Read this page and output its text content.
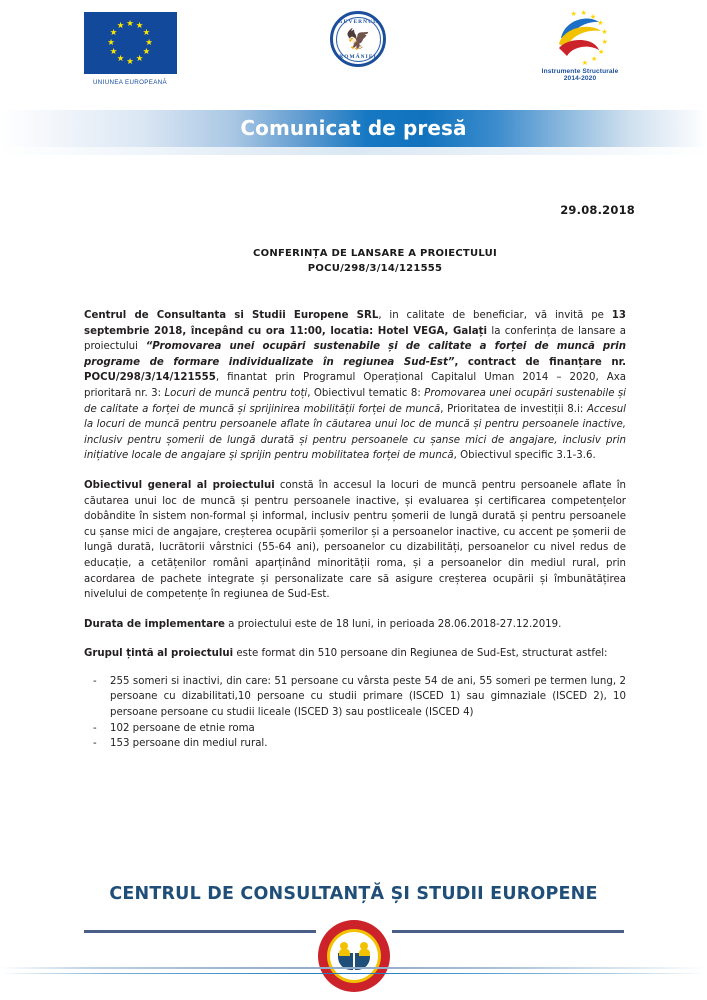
★ ★
★
★
★
★
★
★
★
★
★
★
UNIUNEA EUROPEANĂ
GUVERNUL
🦅
ROMÂNIEI
★ ★ ★
★
★
★
★
★
★
Instrumente Structurale
2014-2020
Comunicat de presă
29.08.2018
CONFERINȚA DE LANSARE A PROIECTULUI
POCU/298/3/14/121555

Centrul de Consultanta si Studii Europene SRL, in calitate de beneficiar, vă invită pe 13 septembrie 2018, începând cu ora 11:00, locatia: Hotel VEGA, Galați la conferința de lansare a proiectului “Promovarea unei ocupări sustenabile și de calitate a forței de muncă prin programe de formare individualizate în regiunea Sud-Est”, contract de finanțare nr. POCU/298/3/14/121555, finantat prin Programul Operațional Capitalul Uman 2014 – 2020, Axa prioritară nr. 3: Locuri de muncă pentru toți, Obiectivul tematic 8: Promovarea unei ocupări sustenabile și de calitate a forței de muncă și sprijinirea mobilității forței de muncă, Prioritatea de investiții 8.i: Accesul la locuri de muncă pentru persoanele aflate în căutarea unui loc de muncă și pentru persoanele inactive, inclusiv pentru șomerii de lungă durată și pentru persoanele cu șanse mici de angajare, inclusiv prin inițiative locale de angajare și sprijin pentru mobilitatea forței de muncă, Obiectivul specific 3.1-3.6.

Obiectivul general al proiectului constă în accesul la locuri de muncă pentru persoanele aflate în căutarea unui loc de muncă și pentru persoanele inactive, și evaluarea și certificarea competențelor dobândite în sistem non-formal și informal, inclusiv pentru șomerii de lungă durată și pentru persoanele cu șanse mici de angajare, creșterea ocupării șomerilor și a persoanelor inactive, cu accent pe șomerii de lungă durată, lucrătorii vârstnici (55-64 ani), persoanelor cu dizabilități, persoanelor cu nivel redus de educație, a cetățenilor români aparținând minorității roma, și a persoanelor din mediul rural, prin acordarea de pachete integrate și personalizate care să asigure creșterea ocupării și îmbunătățirea nivelului de competențe în regiunea de Sud-Est.

Durata de implementare a proiectului este de 18 luni, in perioada 28.06.2018-27.12.2019.

Grupul țintă al proiectului este format din 510 persoane din Regiunea de Sud-Est, structurat astfel:

- 255 someri si inactivi, din care: 51 persoane cu vârsta peste 54 de ani, 55 someri pe termen lung, 2 persoane cu dizabilitati,10 persoane cu studii primare (ISCED 1) sau gimnaziale (ISCED 2), 10 persoane persoane cu studii liceale (ISCED 3) sau postliceale (ISCED 4)
- 102 persoane de etnie roma
- 153 persoane din mediul rural.
CENTRUL DE CONSULTANȚĂ ȘI STUDII EUROPENE
